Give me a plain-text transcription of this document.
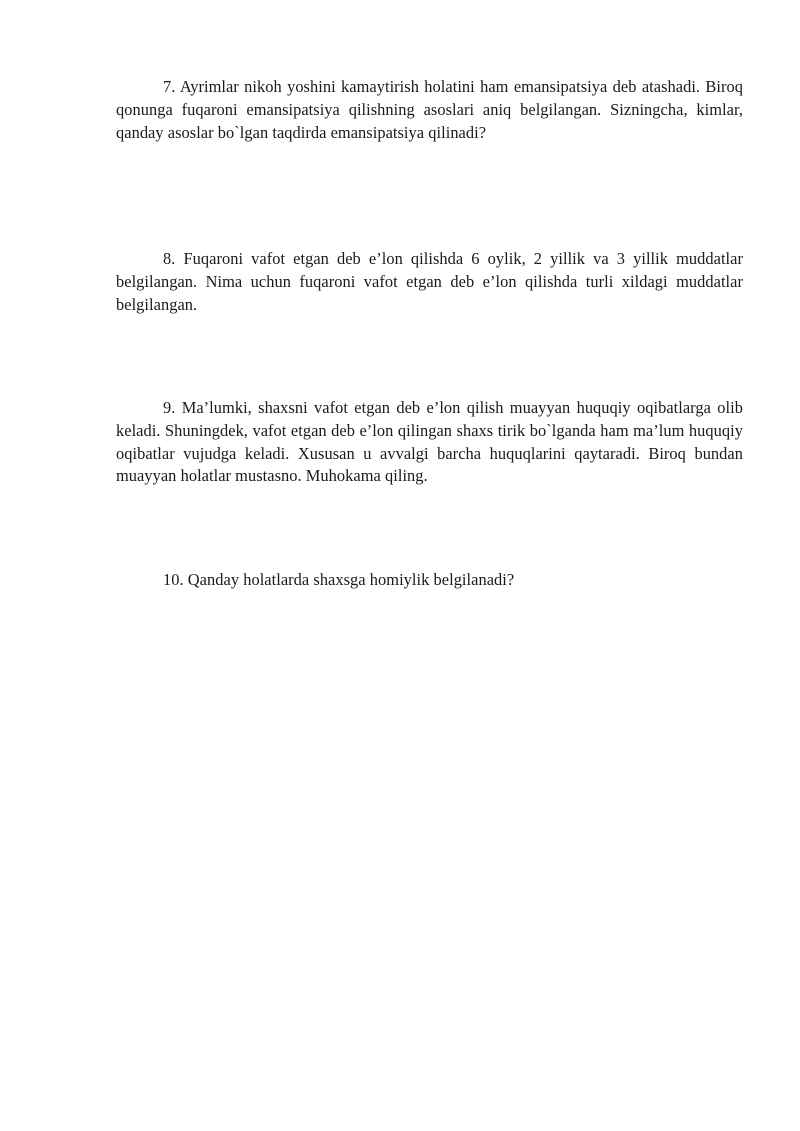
7. Ayrimlar nikoh yoshini kamaytirish holatini ham emansipatsiya deb atashadi. Biroq qonunga fuqaroni emansipatsiya qilishning asoslari aniq belgilangan. Sizningcha, kimlar, qanday asoslar bo`lgan taqdirda emansipatsiya qilinadi?

8. Fuqaroni vafot etgan deb e’lon qilishda 6 oylik, 2 yillik va 3 yillik muddatlar belgilangan. Nima uchun fuqaroni vafot etgan deb e’lon qilishda turli xildagi muddatlar belgilangan.

9. Ma’lumki, shaxsni vafot etgan deb e’lon qilish muayyan huquqiy oqibatlarga olib keladi. Shuningdek, vafot etgan deb e’lon qilingan shaxs tirik bo`lganda ham ma’lum huquqiy oqibatlar vujudga keladi. Xususan u avvalgi barcha huquqlarini qaytaradi. Biroq bundan muayyan holatlar mustasno. Muhokama qiling.

10. Qanday holatlarda shaxsga homiylik belgilanadi?
